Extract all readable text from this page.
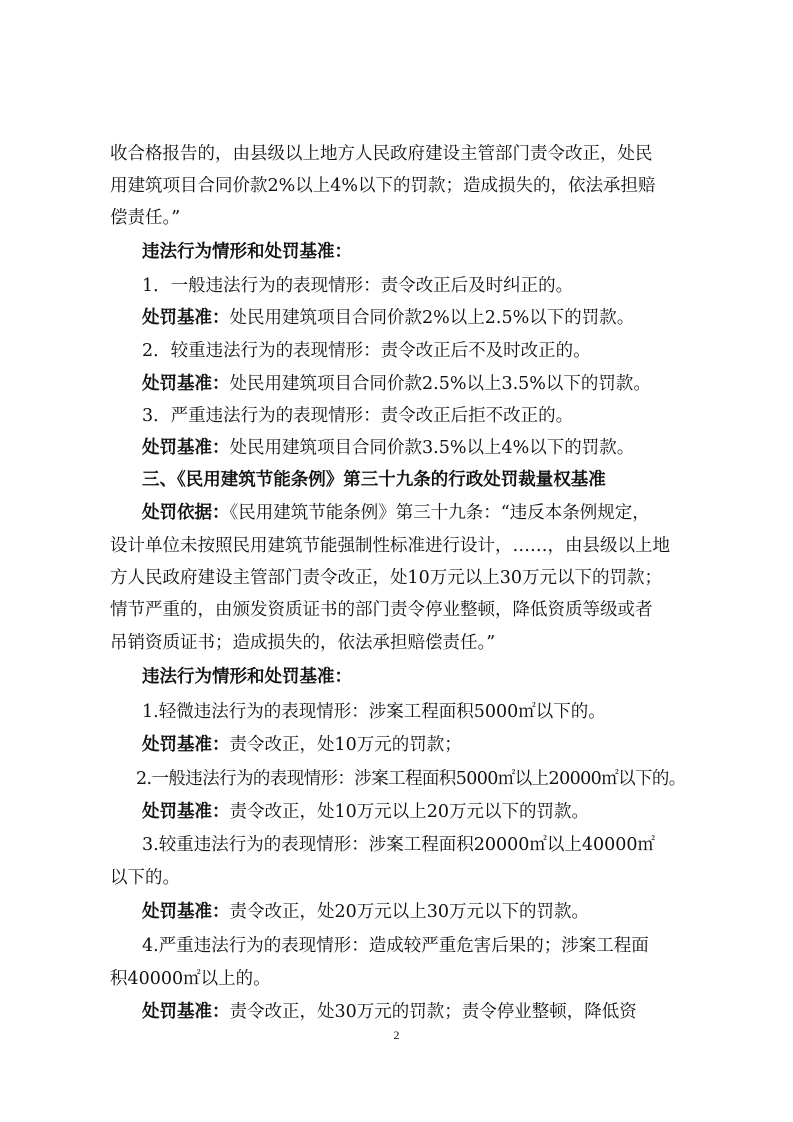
收合格报告的，由县级以上地方人民政府建设主管部门责令改正，处民
用建筑项目合同价款2%以上4%以下的罚款；造成损失的，依法承担赔
偿责任。”
违法行为情形和处罚基准：
1．一般违法行为的表现情形：责令改正后及时纠正的。
处罚基准：处民用建筑项目合同价款2%以上2.5%以下的罚款。
2．较重违法行为的表现情形：责令改正后不及时改正的。
处罚基准：处民用建筑项目合同价款2.5%以上3.5%以下的罚款。
3．严重违法行为的表现情形：责令改正后拒不改正的。
处罚基准：处民用建筑项目合同价款3.5%以上4%以下的罚款。
三、《民用建筑节能条例》第三十九条的行政处罚裁量权基准
处罚依据：《民用建筑节能条例》第三十九条：“违反本条例规定，
设计单位未按照民用建筑节能强制性标准进行设计，……，由县级以上地
方人民政府建设主管部门责令改正，处10万元以上30万元以下的罚款；
情节严重的，由颁发资质证书的部门责令停业整顿，降低资质等级或者
吊销资质证书；造成损失的，依法承担赔偿责任。”
违法行为情形和处罚基准：
1.轻微违法行为的表现情形：涉案工程面积5000㎡以下的。
处罚基准：责令改正，处10万元的罚款；
2.一般违法行为的表现情形：涉案工程面积5000㎡以上20000㎡以下的。
处罚基准：责令改正，处10万元以上20万元以下的罚款。
3.较重违法行为的表现情形：涉案工程面积20000㎡以上40000㎡
以下的。
处罚基准：责令改正，处20万元以上30万元以下的罚款。
4.严重违法行为的表现情形：造成较严重危害后果的；涉案工程面
积40000㎡以上的。
处罚基准：责令改正，处30万元的罚款；责令停业整顿，降低资
2
